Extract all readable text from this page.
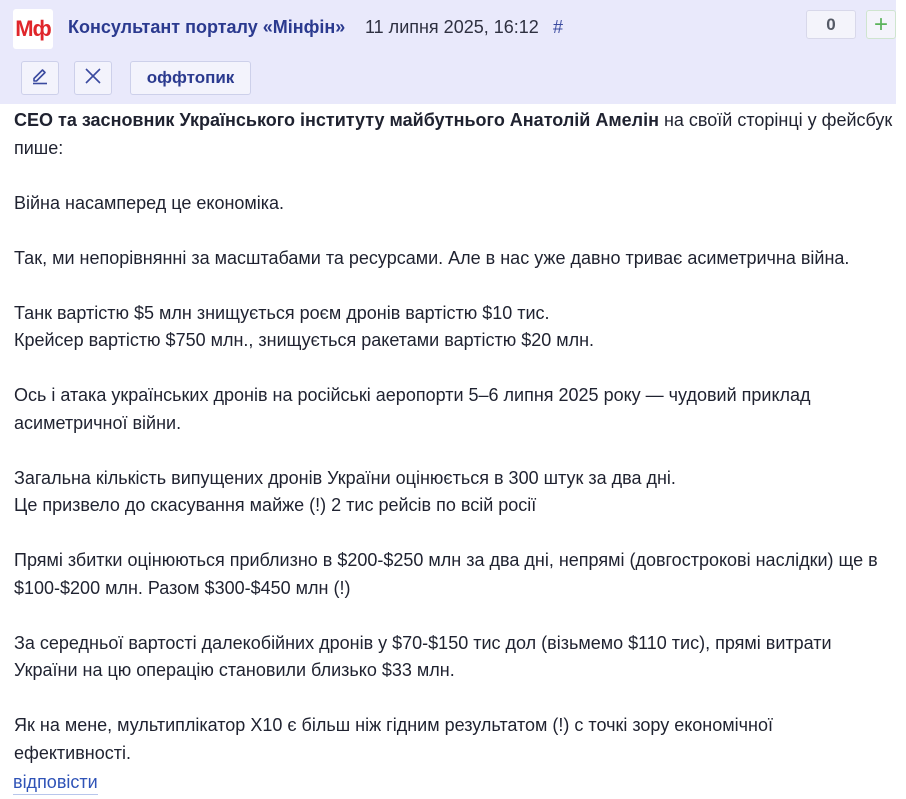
Мф Консультант порталу «Мінфін» 11 липня 2025, 16:12 #	0	+
оффтопик

CEO та засновник Українського інституту майбутнього Анатолій Амелін на своїй сторінці у фейсбук пише:

Війна насамперед це економіка.

Так, ми непорівнянні за масштабами та ресурсами. Але в нас уже давно триває асиметрична війна.

Танк вартістю $5 млн знищується роєм дронів вартістю $10 тис.
Крейсер вартістю $750 млн., знищується ракетами вартістю $20 млн.

Ось і атака українських дронів на російські аеропорти 5–6 липня 2025 року — чудовий приклад асиметричної війни.

Загальна кількість випущених дронів України оцінюється в 300 штук за два дні.
Це призвело до скасування майже (!) 2 тис рейсів по всій росії

Прямі збитки оцінюються приблизно в $200-$250 млн за два дні, непрямі (довгострокові наслідки) ще в $100-$200 млн. Разом $300-$450 млн (!)

За середньої вартості далекобійних дронів у $70-$150 тис дол (візьмемо $110 тис), прямі витрати України на цю операцію становили близько $33 млн.

Як на мене, мультиплікатор Х10 є більш ніж гідним результатом (!) с точкі зору економічної ефективності.

відповісти
